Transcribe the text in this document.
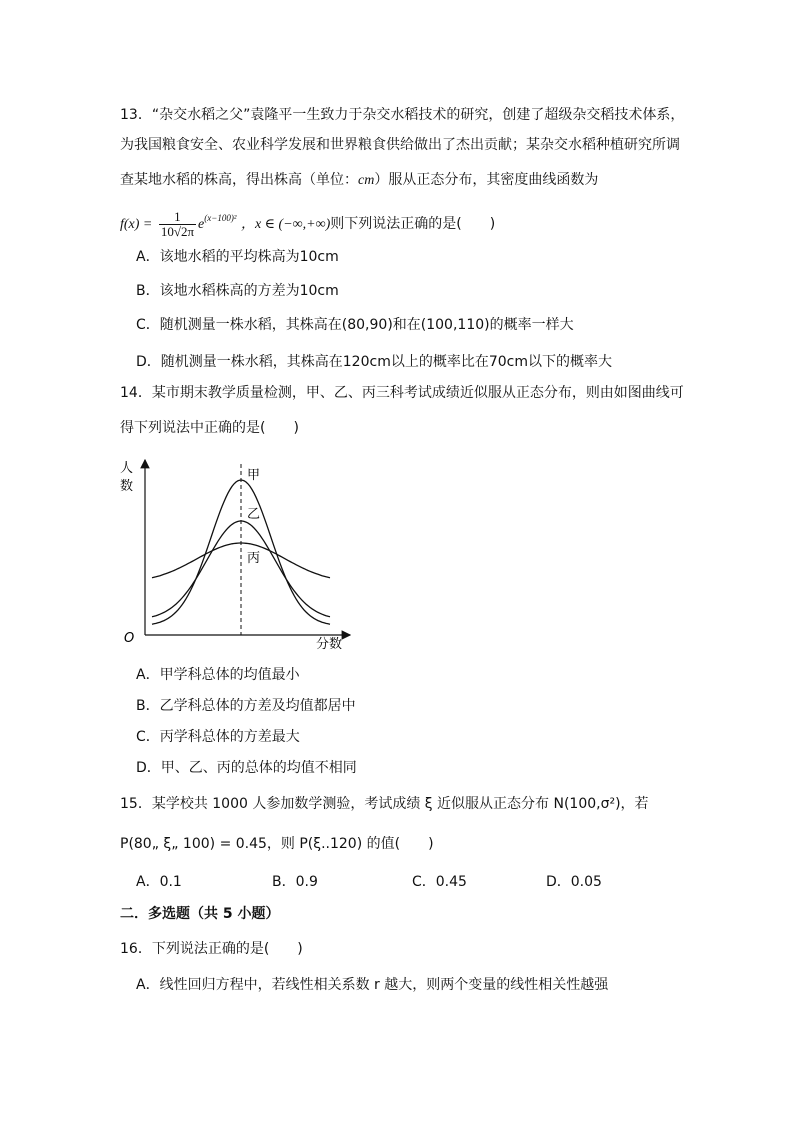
13．“杂交水稻之父”袁隆平一生致力于杂交水稻技术的研究，创建了超级杂交稻技术体系，
为我国粮食安全、农业科学发展和世界粮食供给做出了杰出贡献；某杂交水稻种植研究所调
查某地水稻的株高，得出株高（单位：cm）服从正态分布，其密度曲线函数为
$f(x) = \frac{1}{10√2\pi} e^{(x-100)^2}$ ，x ∈ (−∞,+∞)则下列说法正确的是(　　)
A．该地水稻的平均株高为10cm
B．该地水稻株高的方差为10cm
C．随机测量一株水稻，其株高在(80,90)和在(100,110)的概率一样大
D．随机测量一株水稻，其株高在120cm以上的概率比在70cm以下的概率大
14．某市期末教学质量检测，甲、乙、丙三科考试成绩近似服从正态分布，则由如图曲线可
得下列说法中正确的是(　　)
甲
乙
丙
人
数
分数
O
A．甲学科总体的均值最小
B．乙学科总体的方差及均值都居中
C．丙学科总体的方差最大
D．甲、乙、丙的总体的均值不相同
15．某学校共 1000 人参加数学测验，考试成绩 ξ 近似服从正态分布 N(100,σ²)，若
P(80„ ξ„ 100) = 0.45，则 P(ξ..120) 的值(　　)
A．0.1	B．0.9	C．0.45	D．0.05
二．多选题（共 5 小题）
16．下列说法正确的是(　　)
A．线性回归方程中，若线性相关系数 r 越大，则两个变量的线性相关性越强
